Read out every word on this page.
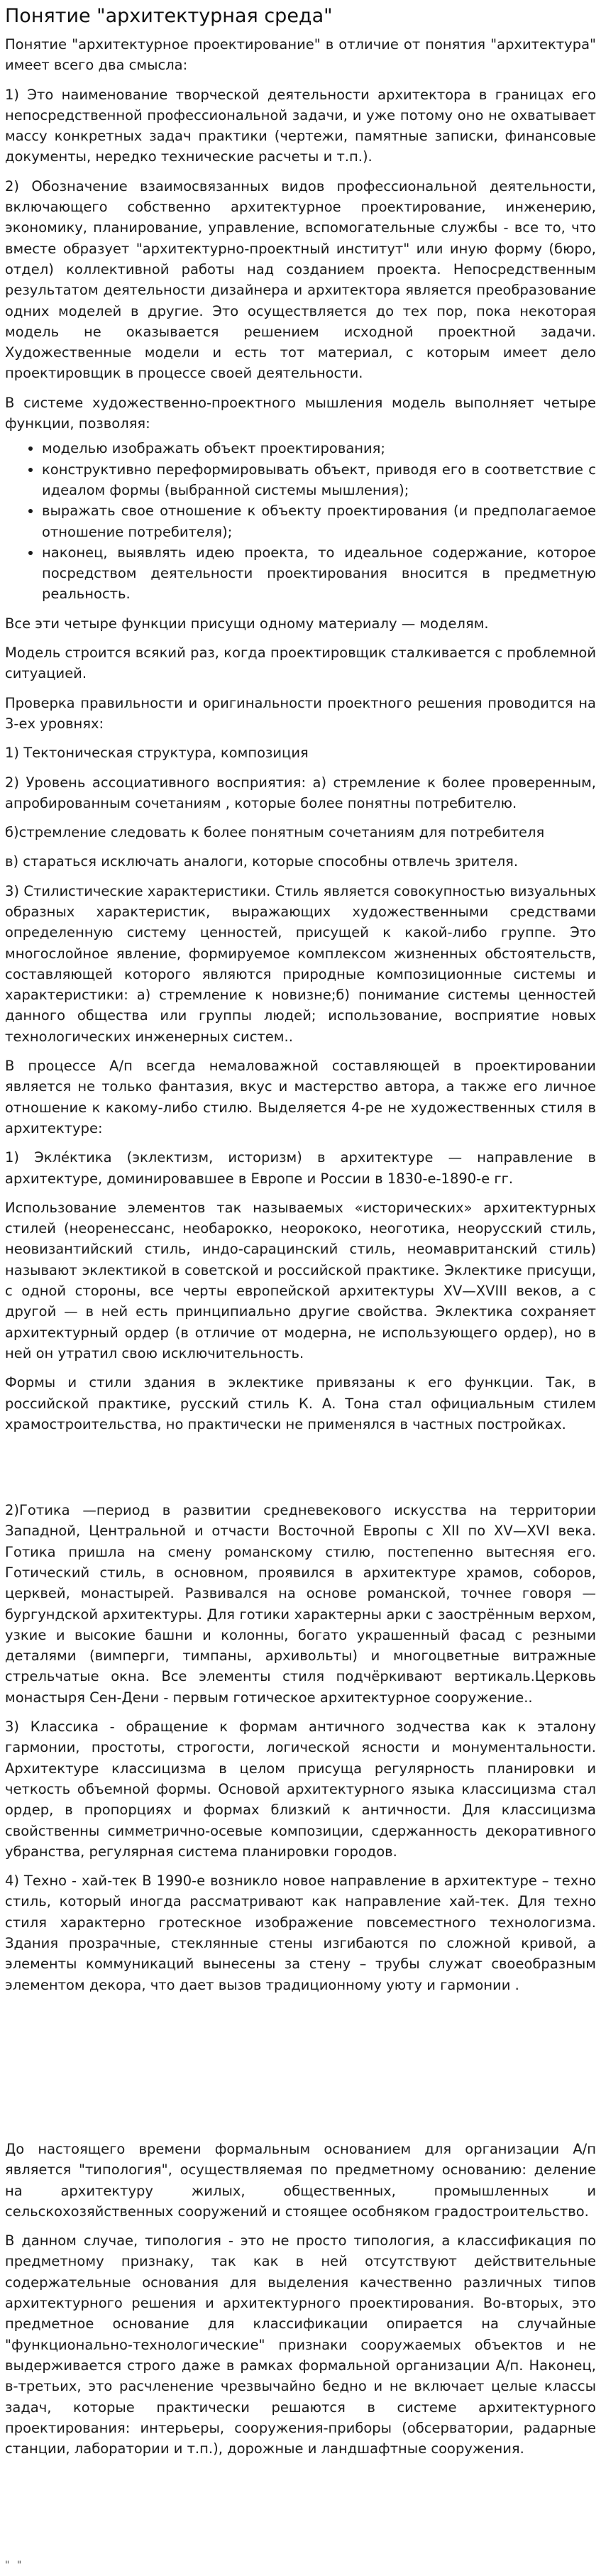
Понятие "архитектурная среда"

Понятие "архитектурное проектирование" в отличие от понятия "архитектура" имеет всего два смысла:

1) Это наименование творческой деятельности архитектора в границах его непосредственной профессиональной задачи, и уже потому оно не охватывает массу конкретных задач практики (чертежи, памятные записки, финансовые документы, нередко технические расчеты и т.п.).

2) Обозначение взаимосвязанных видов профессиональной деятельности, включающего собственно архитектурное проектирование, инженерию, экономику, планирование, управление, вспомогательные службы - все то, что вместе образует "архитектурно-проектный институт" или иную форму (бюро, отдел) коллективной работы над созданием проекта. Непосредственным результатом деятельности дизайнера и архитектора является преобразование одних моделей в другие. Это осуществляется до тех пор, пока некоторая модель не оказывается решением исходной проектной задачи. Художественные модели и есть тот материал, с которым имеет дело проектировщик в процессе своей деятельности.

В системе художественно-проектного мышления модель выполняет четыре функции, позволяя:

• моделью изображать объект проектирования;
• конструктивно переформировывать объект, приводя его в соответствие с идеалом формы (выбранной системы мышления);
• выражать свое отношение к объекту проектирования (и предполагаемое отношение потребителя);
• наконец, выявлять идею проекта, то идеальное содержание, которое посредством деятельности проектирования вносится в предметную реальность.

Все эти четыре функции присущи одному материалу — моделям.

Модель строится всякий раз, когда проектировщик сталкивается с проблемной ситуацией.

Проверка правильности и оригинальности проектного решения проводится на 3-ех уровнях:

1) Тектоническая структура, композиция

2) Уровень ассоциативного восприятия: а) стремление к более проверенным, апробированным сочетаниям , которые более понятны потребителю.

б)стремление следовать к более понятным сочетаниям для потребителя

в) стараться исключать аналоги, которые способны отвлечь зрителя.

3) Стилистические характеристики. Стиль является совокупностью визуальных образных характеристик, выражающих художественными средствами определенную систему ценностей, присущей к какой-либо группе. Это многослойное явление, формируемое комплексом жизненных обстоятельств, составляющей которого являются природные композиционные системы и характеристики: а) стремление к новизне;б) понимание системы ценностей данного общества или группы людей; использование, восприятие новых технологических инженерных систем..

В процессе А/п всегда немаловажной составляющей в проектировании является не только фантазия, вкус и мастерство автора, а также его личное отношение к какому-либо стилю. Выделяется 4-ре не художественных стиля в архитектуре:

1) Эклéктика (эклектизм, историзм) в архитектуре — направление в архитектуре, доминировавшее в Европе и России в 1830-е-1890-е гг.

Использование элементов так называемых «исторических» архитектурных стилей (неоренессанс, необарокко, неорококо, неоготика, неорусский стиль, неовизантийский стиль, индо-сарацинский стиль, неомавританский стиль) называют эклектикой в советской и российской практике. Эклектике присущи, с одной стороны, все черты европейской архитектуры XV—XVIII веков, а с другой — в ней есть принципиально другие свойства. Эклектика сохраняет архитектурный ордер (в отличие от модерна, не использующего ордер), но в ней он утратил свою исключительность.

Формы и стили здания в эклектике привязаны к его функции. Так, в российской практике, русский стиль К. А. Тона стал официальным стилем храмостроительства, но практически не применялся в частных постройках.

2)Готика —период в развитии средневекового искусства на территории Западной, Центральной и отчасти Восточной Европы с XII по XV—XVI века. Готика пришла на смену романскому стилю, постепенно вытесняя его. Готический стиль, в основном, проявился в архитектуре храмов, соборов, церквей, монастырей. Развивался на основе романской, точнее говоря — бургундской архитектуры. Для готики характерны арки с заострённым верхом, узкие и высокие башни и колонны, богато украшенный фасад с резными деталями (вимперги, тимпаны, архивольты) и многоцветные витражные стрельчатые окна. Все элементы стиля подчёркивают вертикаль.Церковь монастыря Сен-Дени - первым готическое архитектурное сооружение..

3) Классика - обращение к формам античного зодчества как к эталону гармонии, простоты, строгости, логической ясности и монументальности. Архитектуре классицизма в целом присуща регулярность планировки и четкость объемной формы. Основой архитектурного языка классицизма стал ордер, в пропорциях и формах близкий к античности. Для классицизма свойственны симметрично-осевые композиции, сдержанность декоративного убранства, регулярная система планировки городов.

4) Техно - хай-тек В 1990-е возникло новое направление в архитектуре – техно стиль, который иногда рассматривают как направление хай-тек. Для техно стиля характерно гротескное изображение повсеместного технологизма. Здания прозрачные, стеклянные стены изгибаются по сложной кривой, а элементы коммуникаций вынесены за стену – трубы служат своеобразным элементом декора, что дает вызов традиционному уюту и гармонии .

До настоящего времени формальным основанием для организации А/п является "типология", осуществляемая по предметному основанию: деление на архитектуру жилых, общественных, промышленных и сельскохозяйственных сооружений и стоящее особняком градостроительство.

В данном случае, типология - это не просто типология, а классификация по предметному признаку, так как в ней отсутствуют действительные содержательные основания для выделения качественно различных типов архитектурного решения и архитектурного проектирования. Во-вторых, это предметное основание для классификации опирается на случайные "функционально-технологические" признаки сооружаемых объектов и не выдерживается строго даже в рамках формальной организации А/п. Наконец, в-третьих, это расчленение чрезвычайно бедно и не включает целые классы задач, которые практически решаются в системе архитектурного проектирования: интерьеры, сооружения-приборы (обсерватории, радарные станции, лаборатории и т.п.), дорожные и ландшафтные сооружения.

" "
